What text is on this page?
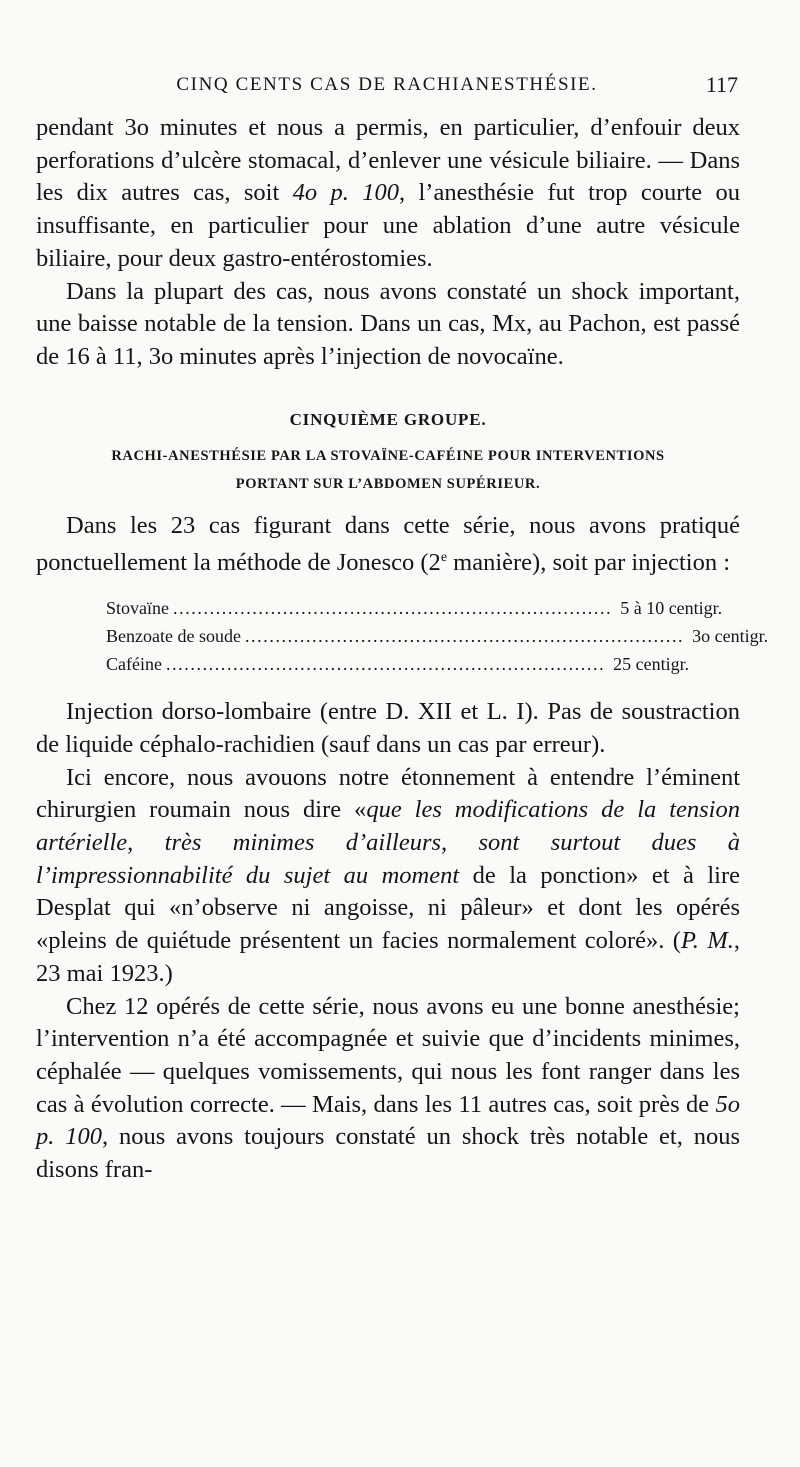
CINQ CENTS CAS DE RACHIANESTHÉSIE.	117

pendant 3o minutes et nous a permis, en particulier, d’enfouir deux perforations d’ulcère stomacal, d’enlever une vésicule biliaire. — Dans les dix autres cas, soit 4o p. 100, l’anesthésie fut trop courte ou insuffisante, en particulier pour une ablation d’une autre vésicule biliaire, pour deux gastro-entérostomies.

Dans la plupart des cas, nous avons constaté un shock important, une baisse notable de la tension. Dans un cas, Mx, au Pachon, est passé de 16 à 11, 3o minutes après l’injection de novocaïne.

CINQUIÈME GROUPE.
RACHI-ANESTHÉSIE PAR LA STOVAÏNE-CAFÉINE POUR INTERVENTIONS
PORTANT SUR L’ABDOMEN SUPÉRIEUR.

Dans les 23 cas figurant dans cette série, nous avons pratiqué ponctuellement la méthode de Jonesco (2e manière), soit par injection :

Stovaïne ........................................................................ 5 à 10 centigr.
Benzoate de soude ........................................................................ 3o centigr.
Caféine ........................................................................ 25 centigr.

Injection dorso-lombaire (entre D. XII et L. I). Pas de soustraction de liquide céphalo-rachidien (sauf dans un cas par erreur).

Ici encore, nous avouons notre étonnement à entendre l’éminent chirurgien roumain nous dire «que les modifications de la tension artérielle, très minimes d’ailleurs, sont surtout dues à l’impressionnabilité du sujet au moment de la ponction» et à lire Desplat qui «n’observe ni angoisse, ni pâleur» et dont les opérés «pleins de quiétude présentent un facies normalement coloré». (P. M., 23 mai 1923.)

Chez 12 opérés de cette série, nous avons eu une bonne anesthésie; l’intervention n’a été accompagnée et suivie que d’incidents minimes, céphalée — quelques vomissements, qui nous les font ranger dans les cas à évolution correcte. — Mais, dans les 11 autres cas, soit près de 5o p. 100, nous avons toujours constaté un shock très notable et, nous disons fran-
